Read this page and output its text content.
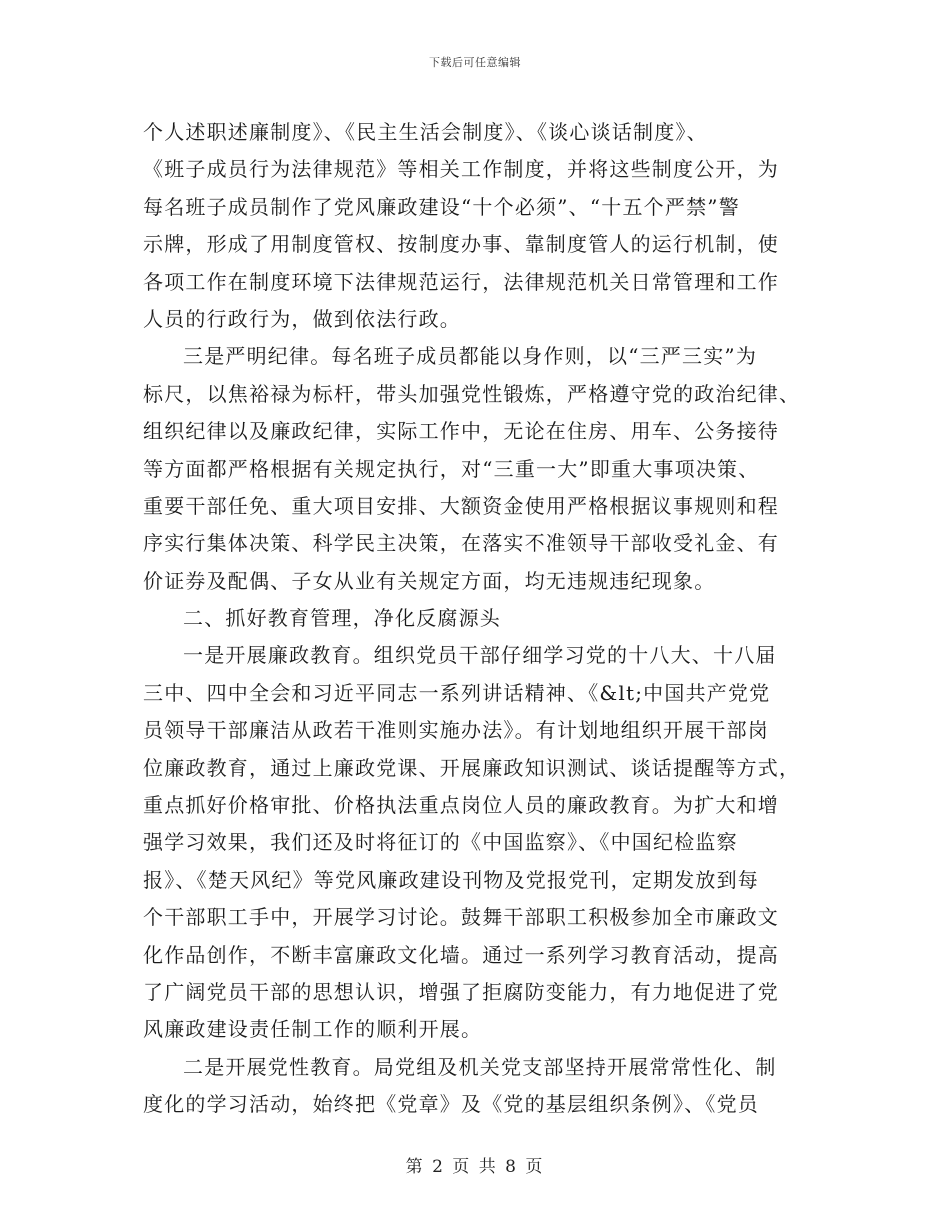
下载后可任意编辑
个人述职述廉制度》、《民主生活会制度》、《谈心谈话制度》、
《班子成员行为法律规范》等相关工作制度，并将这些制度公开，为
每名班子成员制作了党风廉政建设“十个必须”、“十五个严禁”警
示牌，形成了用制度管权、按制度办事、靠制度管人的运行机制，使
各项工作在制度环境下法律规范运行，法律规范机关日常管理和工作
人员的行政行为，做到依法行政。
三是严明纪律。每名班子成员都能以身作则，以“三严三实”为
标尺，以焦裕禄为标杆，带头加强党性锻炼，严格遵守党的政治纪律、
组织纪律以及廉政纪律，实际工作中，无论在住房、用车、公务接待
等方面都严格根据有关规定执行，对“三重一大”即重大事项决策、
重要干部任免、重大项目安排、大额资金使用严格根据议事规则和程
序实行集体决策、科学民主决策，在落实不准领导干部收受礼金、有
价证券及配偶、子女从业有关规定方面，均无违规违纪现象。
二、抓好教育管理，净化反腐源头
一是开展廉政教育。组织党员干部仔细学习党的十八大、十八届
三中、四中全会和习近平同志一系列讲话精神、《&lt;中国共产党党
员领导干部廉洁从政若干准则实施办法》。有计划地组织开展干部岗
位廉政教育，通过上廉政党课、开展廉政知识测试、谈话提醒等方式，
重点抓好价格审批、价格执法重点岗位人员的廉政教育。为扩大和增
强学习效果，我们还及时将征订的《中国监察》、《中国纪检监察
报》、《楚天风纪》等党风廉政建设刊物及党报党刊，定期发放到每
个干部职工手中，开展学习讨论。鼓舞干部职工积极参加全市廉政文
化作品创作，不断丰富廉政文化墙。通过一系列学习教育活动，提高
了广阔党员干部的思想认识，增强了拒腐防变能力，有力地促进了党
风廉政建设责任制工作的顺利开展。
二是开展党性教育。局党组及机关党支部坚持开展常常性化、制
度化的学习活动，始终把《党章》及《党的基层组织条例》、《党员
第 2 页 共 8 页
